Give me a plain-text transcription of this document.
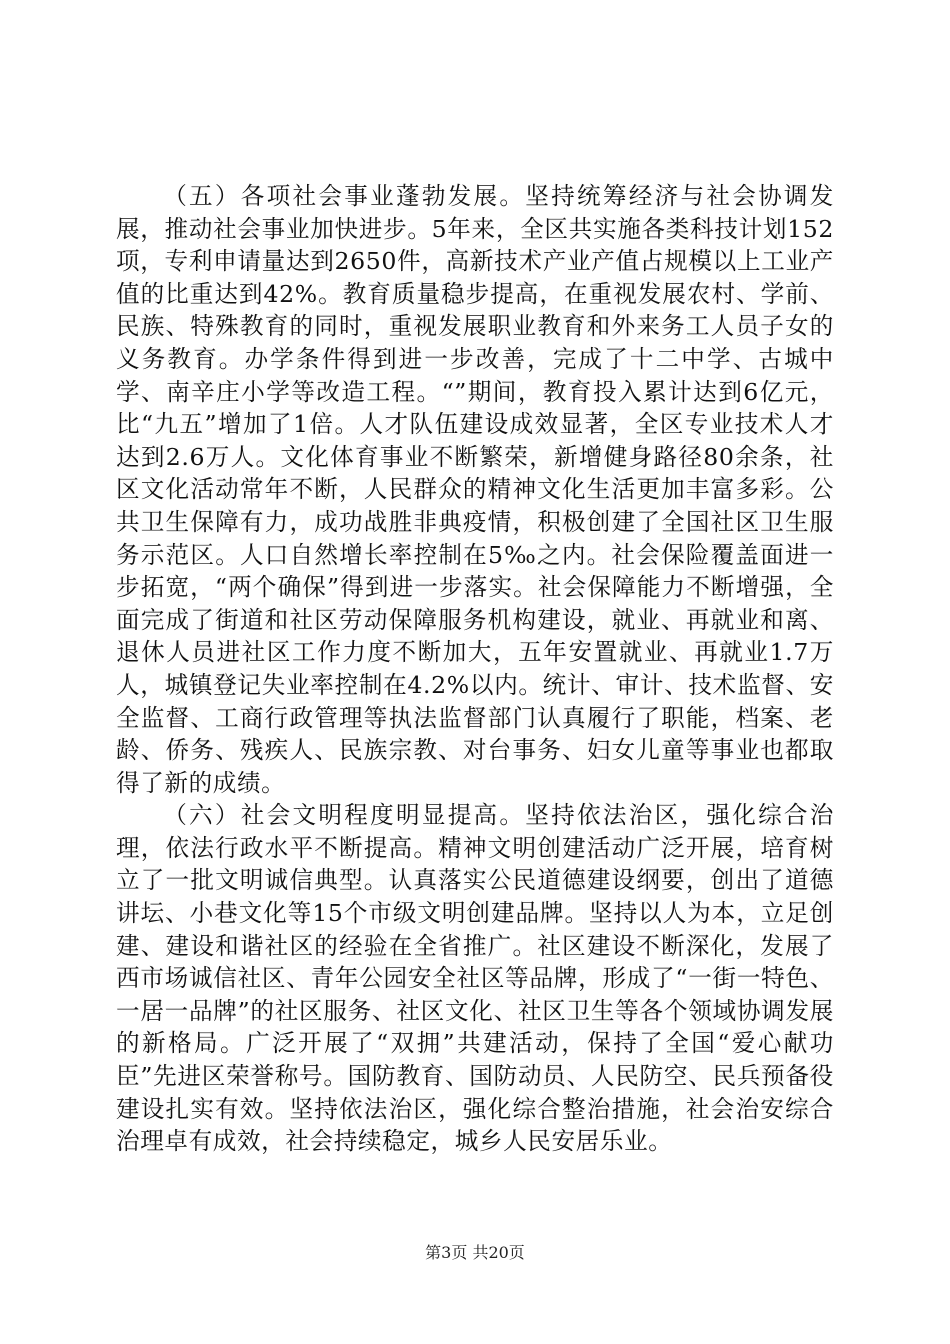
（五）各项社会事业蓬勃发展。坚持统筹经济与社会协调发展，推动社会事业加快进步。5年来，全区共实施各类科技计划152项，专利申请量达到2650件，高新技术产业产值占规模以上工业产值的比重达到42%。教育质量稳步提高，在重视发展农村、学前、民族、特殊教育的同时，重视发展职业教育和外来务工人员子女的义务教育。办学条件得到进一步改善，完成了十二中学、古城中学、南辛庄小学等改造工程。“”期间，教育投入累计达到6亿元，比“九五”增加了1倍。人才队伍建设成效显著，全区专业技术人才达到2.6万人。文化体育事业不断繁荣，新增健身路径80余条，社区文化活动常年不断，人民群众的精神文化生活更加丰富多彩。公共卫生保障有力，成功战胜非典疫情，积极创建了全国社区卫生服务示范区。人口自然增长率控制在5‰之内。社会保险覆盖面进一步拓宽，“两个确保”得到进一步落实。社会保障能力不断增强，全面完成了街道和社区劳动保障服务机构建设，就业、再就业和离、退休人员进社区工作力度不断加大，五年安置就业、再就业1.7万人，城镇登记失业率控制在4.2%以内。统计、审计、技术监督、安全监督、工商行政管理等执法监督部门认真履行了职能，档案、老龄、侨务、残疾人、民族宗教、对台事务、妇女儿童等事业也都取得了新的成绩。

（六）社会文明程度明显提高。坚持依法治区，强化综合治理，依法行政水平不断提高。精神文明创建活动广泛开展，培育树立了一批文明诚信典型。认真落实公民道德建设纲要，创出了道德讲坛、小巷文化等15个市级文明创建品牌。坚持以人为本，立足创建、建设和谐社区的经验在全省推广。社区建设不断深化，发展了西市场诚信社区、青年公园安全社区等品牌，形成了“一街一特色、一居一品牌”的社区服务、社区文化、社区卫生等各个领域协调发展的新格局。广泛开展了“双拥”共建活动，保持了全国“爱心献功臣”先进区荣誉称号。国防教育、国防动员、人民防空、民兵预备役建设扎实有效。坚持依法治区，强化综合整治措施，社会治安综合治理卓有成效，社会持续稳定，城乡人民安居乐业。

第3页 共20页
